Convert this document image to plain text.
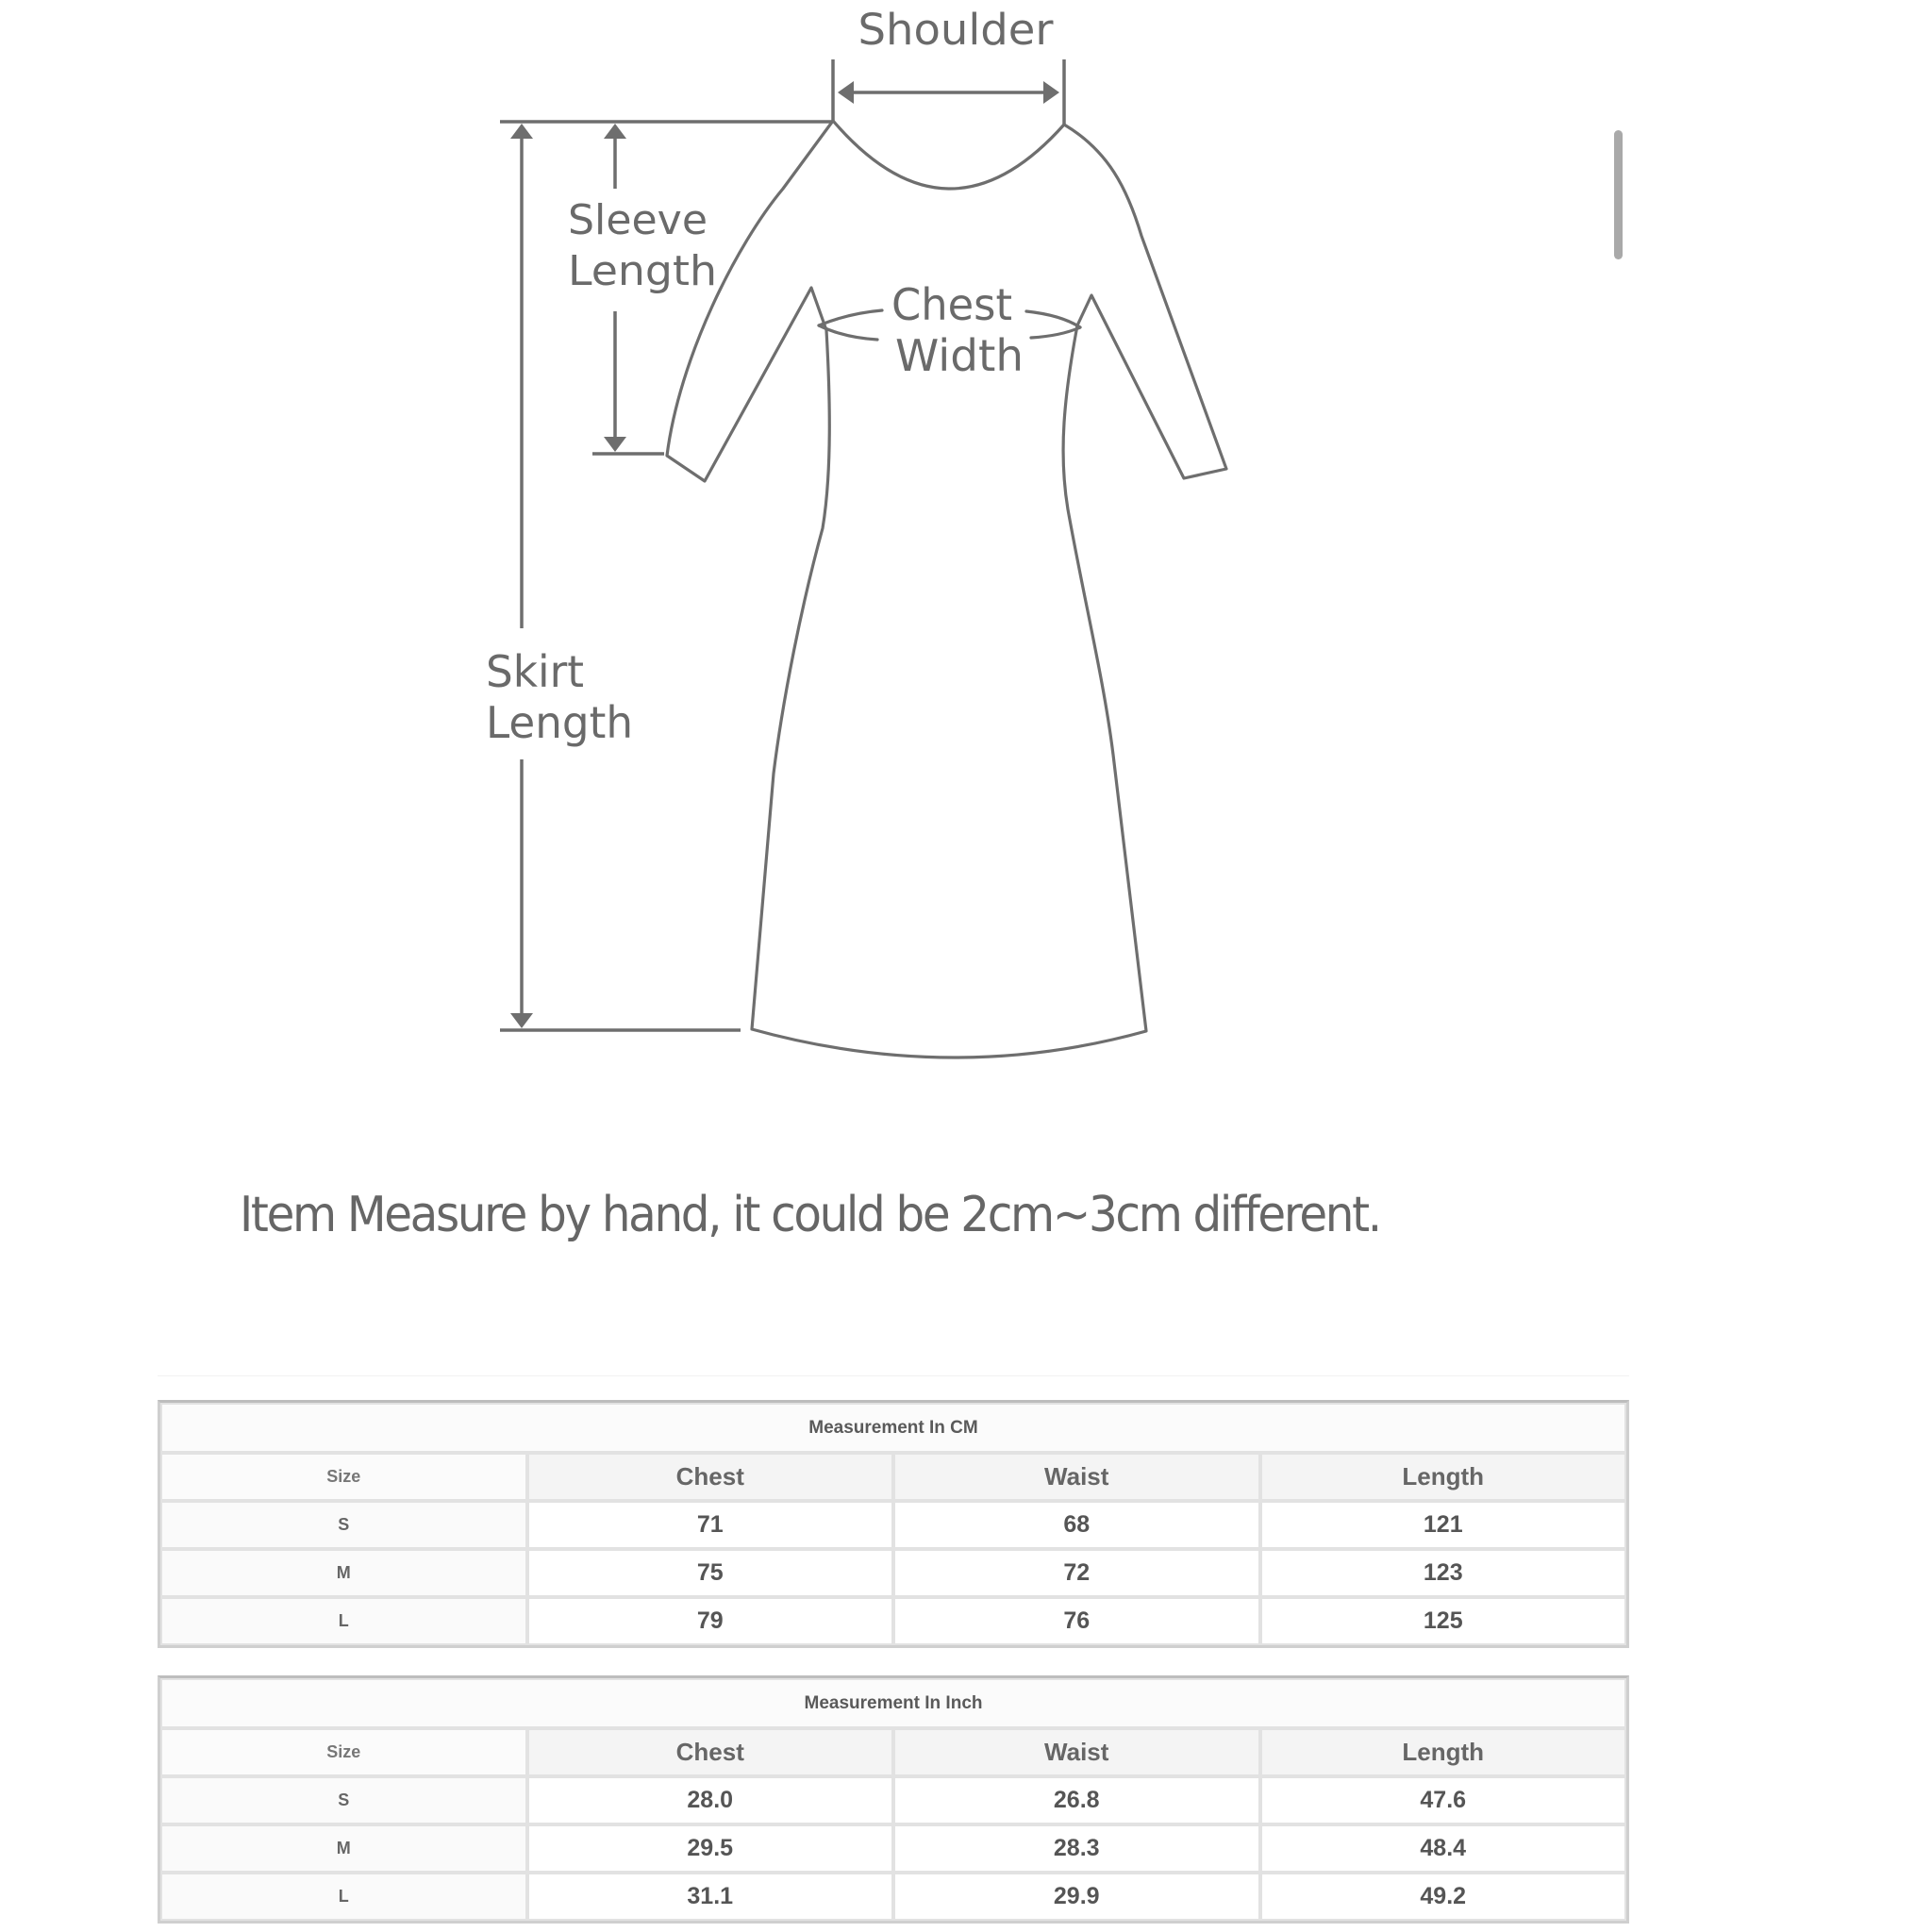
Shoulder
Sleeve
Length
Chest
Width
Skirt
Length
Item Measure by hand, it could be 2cm~3cm different.
Measurement In CM			
Size	Chest	Waist	Length
S	71	68	121
M	75	72	123
L	79	76	125
Measurement In Inch			
Size	Chest	Waist	Length
S	28.0	26.8	47.6
M	29.5	28.3	48.4
L	31.1	29.9	49.2
